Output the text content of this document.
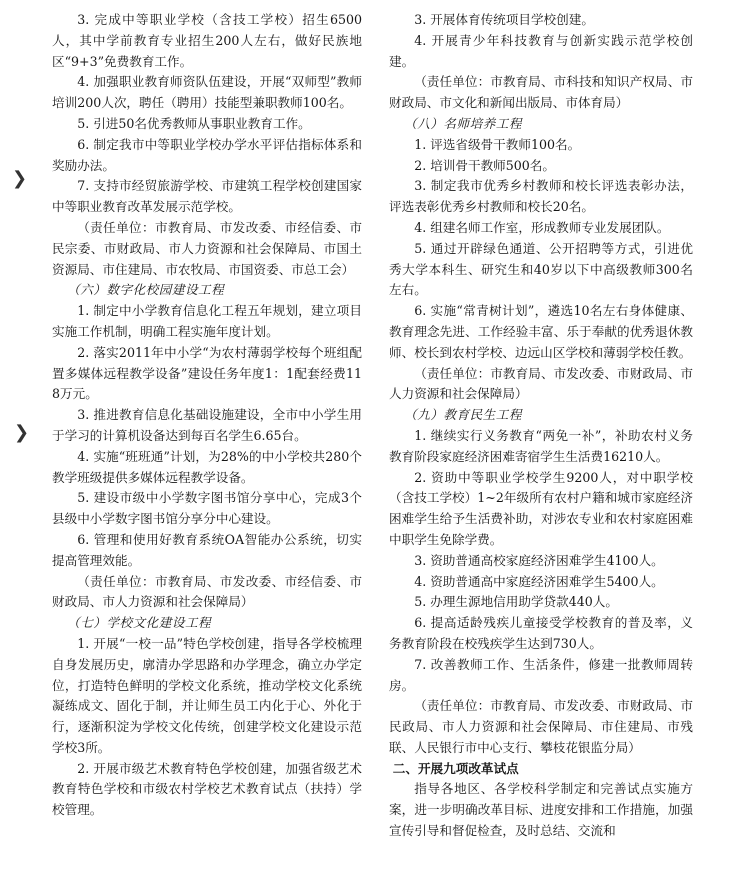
❯
❯

3. 完成中等职业学校（含技工学校）招生6500人，其中学前教育专业招生200人左右，做好民族地区“9+3”免费教育工作。

4. 加强职业教育师资队伍建设，开展“双师型”教师培训200人次，聘任（聘用）技能型兼职教师100名。

5. 引进50名优秀教师从事职业教育工作。

6. 制定我市中等职业学校办学水平评估指标体系和奖励办法。

7. 支持市经贸旅游学校、市建筑工程学校创建国家中等职业教育改革发展示范学校。

（责任单位：市教育局、市发改委、市经信委、市民宗委、市财政局、市人力资源和社会保障局、市国土资源局、市住建局、市农牧局、市国资委、市总工会）

（六）数字化校园建设工程

1. 制定中小学教育信息化工程五年规划，建立项目实施工作机制，明确工程实施年度计划。

2. 落实2011年中小学“为农村薄弱学校每个班组配置多媒体远程教学设备”建设任务年度1：1配套经费118万元。

3. 推进教育信息化基础设施建设，全市中小学生用于学习的计算机设备达到每百名学生6.65台。

4. 实施“班班通”计划，为28%的中小学校共280个教学班级提供多媒体远程教学设备。

5. 建设市级中小学数字图书馆分享中心，完成3个县级中小学数字图书馆分享分中心建设。

6. 管理和使用好教育系统OA智能办公系统，切实提高管理效能。

（责任单位：市教育局、市发改委、市经信委、市财政局、市人力资源和社会保障局）

（七）学校文化建设工程

1. 开展“一校一品”特色学校创建，指导各学校梳理自身发展历史，廓清办学思路和办学理念，确立办学定位，打造特色鲜明的学校文化系统，推动学校文化系统凝练成文、固化于制，并让师生员工内化于心、外化于行，逐渐积淀为学校文化传统，创建学校文化建设示范学校3所。

2. 开展市级艺术教育特色学校创建，加强省级艺术教育特色学校和市级农村学校艺术教育试点（扶持）学校管理。

3. 开展体育传统项目学校创建。

4. 开展青少年科技教育与创新实践示范学校创建。

（责任单位：市教育局、市科技和知识产权局、市财政局、市文化和新闻出版局、市体育局）

（八）名师培养工程

1. 评选省级骨干教师100名。

2. 培训骨干教师500名。

3. 制定我市优秀乡村教师和校长评选表彰办法，评选表彰优秀乡村教师和校长20名。

4. 组建名师工作室，形成教师专业发展团队。

5. 通过开辟绿色通道、公开招聘等方式，引进优秀大学本科生、研究生和40岁以下中高级教师300名左右。

6. 实施“常青树计划”，遴选10名左右身体健康、教育理念先进、工作经验丰富、乐于奉献的优秀退休教师、校长到农村学校、边远山区学校和薄弱学校任教。

（责任单位：市教育局、市发改委、市财政局、市人力资源和社会保障局）

（九）教育民生工程

1. 继续实行义务教育“两免一补”，补助农村义务教育阶段家庭经济困难寄宿学生生活费16210人。

2. 资助中等职业学校学生9200人，对中职学校（含技工学校）1~2年级所有农村户籍和城市家庭经济困难学生给予生活费补助，对涉农专业和农村家庭困难中职学生免除学费。

3. 资助普通高校家庭经济困难学生4100人。

4. 资助普通高中家庭经济困难学生5400人。

5. 办理生源地信用助学贷款440人。

6. 提高适龄残疾儿童接受学校教育的普及率，义务教育阶段在校残疾学生达到730人。

7. 改善教师工作、生活条件，修建一批教师周转房。

（责任单位：市教育局、市发改委、市财政局、市民政局、市人力资源和社会保障局、市住建局、市残联、人民银行市中心支行、攀枝花银监分局）

二、开展九项改革试点

指导各地区、各学校科学制定和完善试点实施方案，进一步明确改革目标、进度安排和工作措施，加强宣传引导和督促检查，及时总结、交流和
